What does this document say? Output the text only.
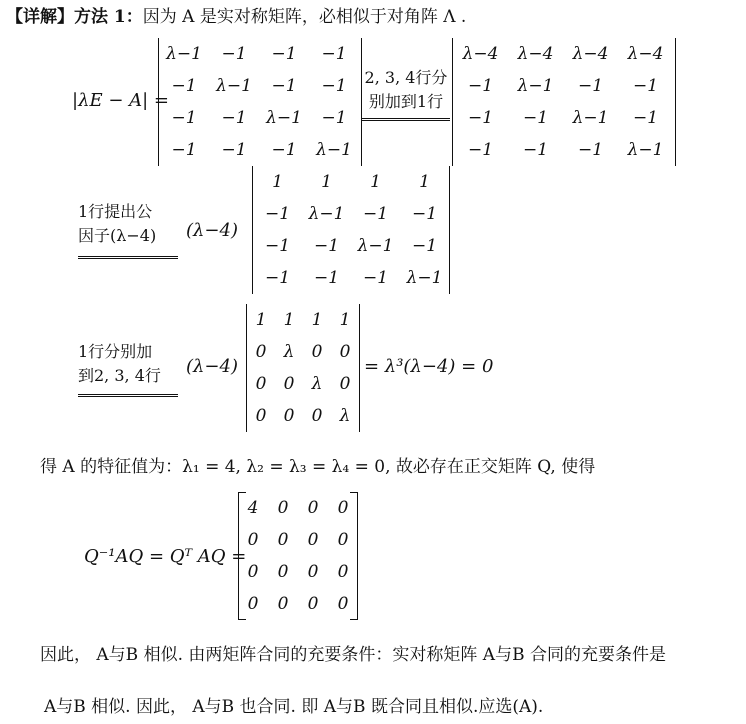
【详解】方法 1：因为 A 是实对称矩阵，必相似于对角阵 Λ .
|λE − A| =
λ−1	−1	−1	−1
−1	λ−1	−1	−1
−1	−1	λ−1	−1
−1	−1	−1	λ−1
2, 3, 4行分
别加到1行
λ−4	λ−4	λ−4	λ−4
−1	λ−1	−1	−1
−1	−1	λ−1	−1
−1	−1	−1	λ−1
1行提出公
因子(λ−4)	(λ−4)
1	1	1	1
−1	λ−1	−1	−1
−1	−1	λ−1	−1
−1	−1	−1	λ−1
1行分别加
到2, 3, 4行	(λ−4)
1	1	1	1
0	λ	0	0
0	0	λ	0
0	0	0	λ
= λ³(λ−4) = 0
得 A 的特征值为：λ₁ = 4, λ₂ = λ₃ = λ₄ = 0, 故必存在正交矩阵 Q, 使得
Q⁻¹AQ = Qᵀ AQ =
4	0	0	0
0	0	0	0
0	0	0	0
0	0	0	0
因此， A与B 相似. 由两矩阵合同的充要条件：实对称矩阵 A与B 合同的充要条件是
A与B 相似. 因此， A与B 也合同. 即 A与B 既合同且相似.应选(A).
